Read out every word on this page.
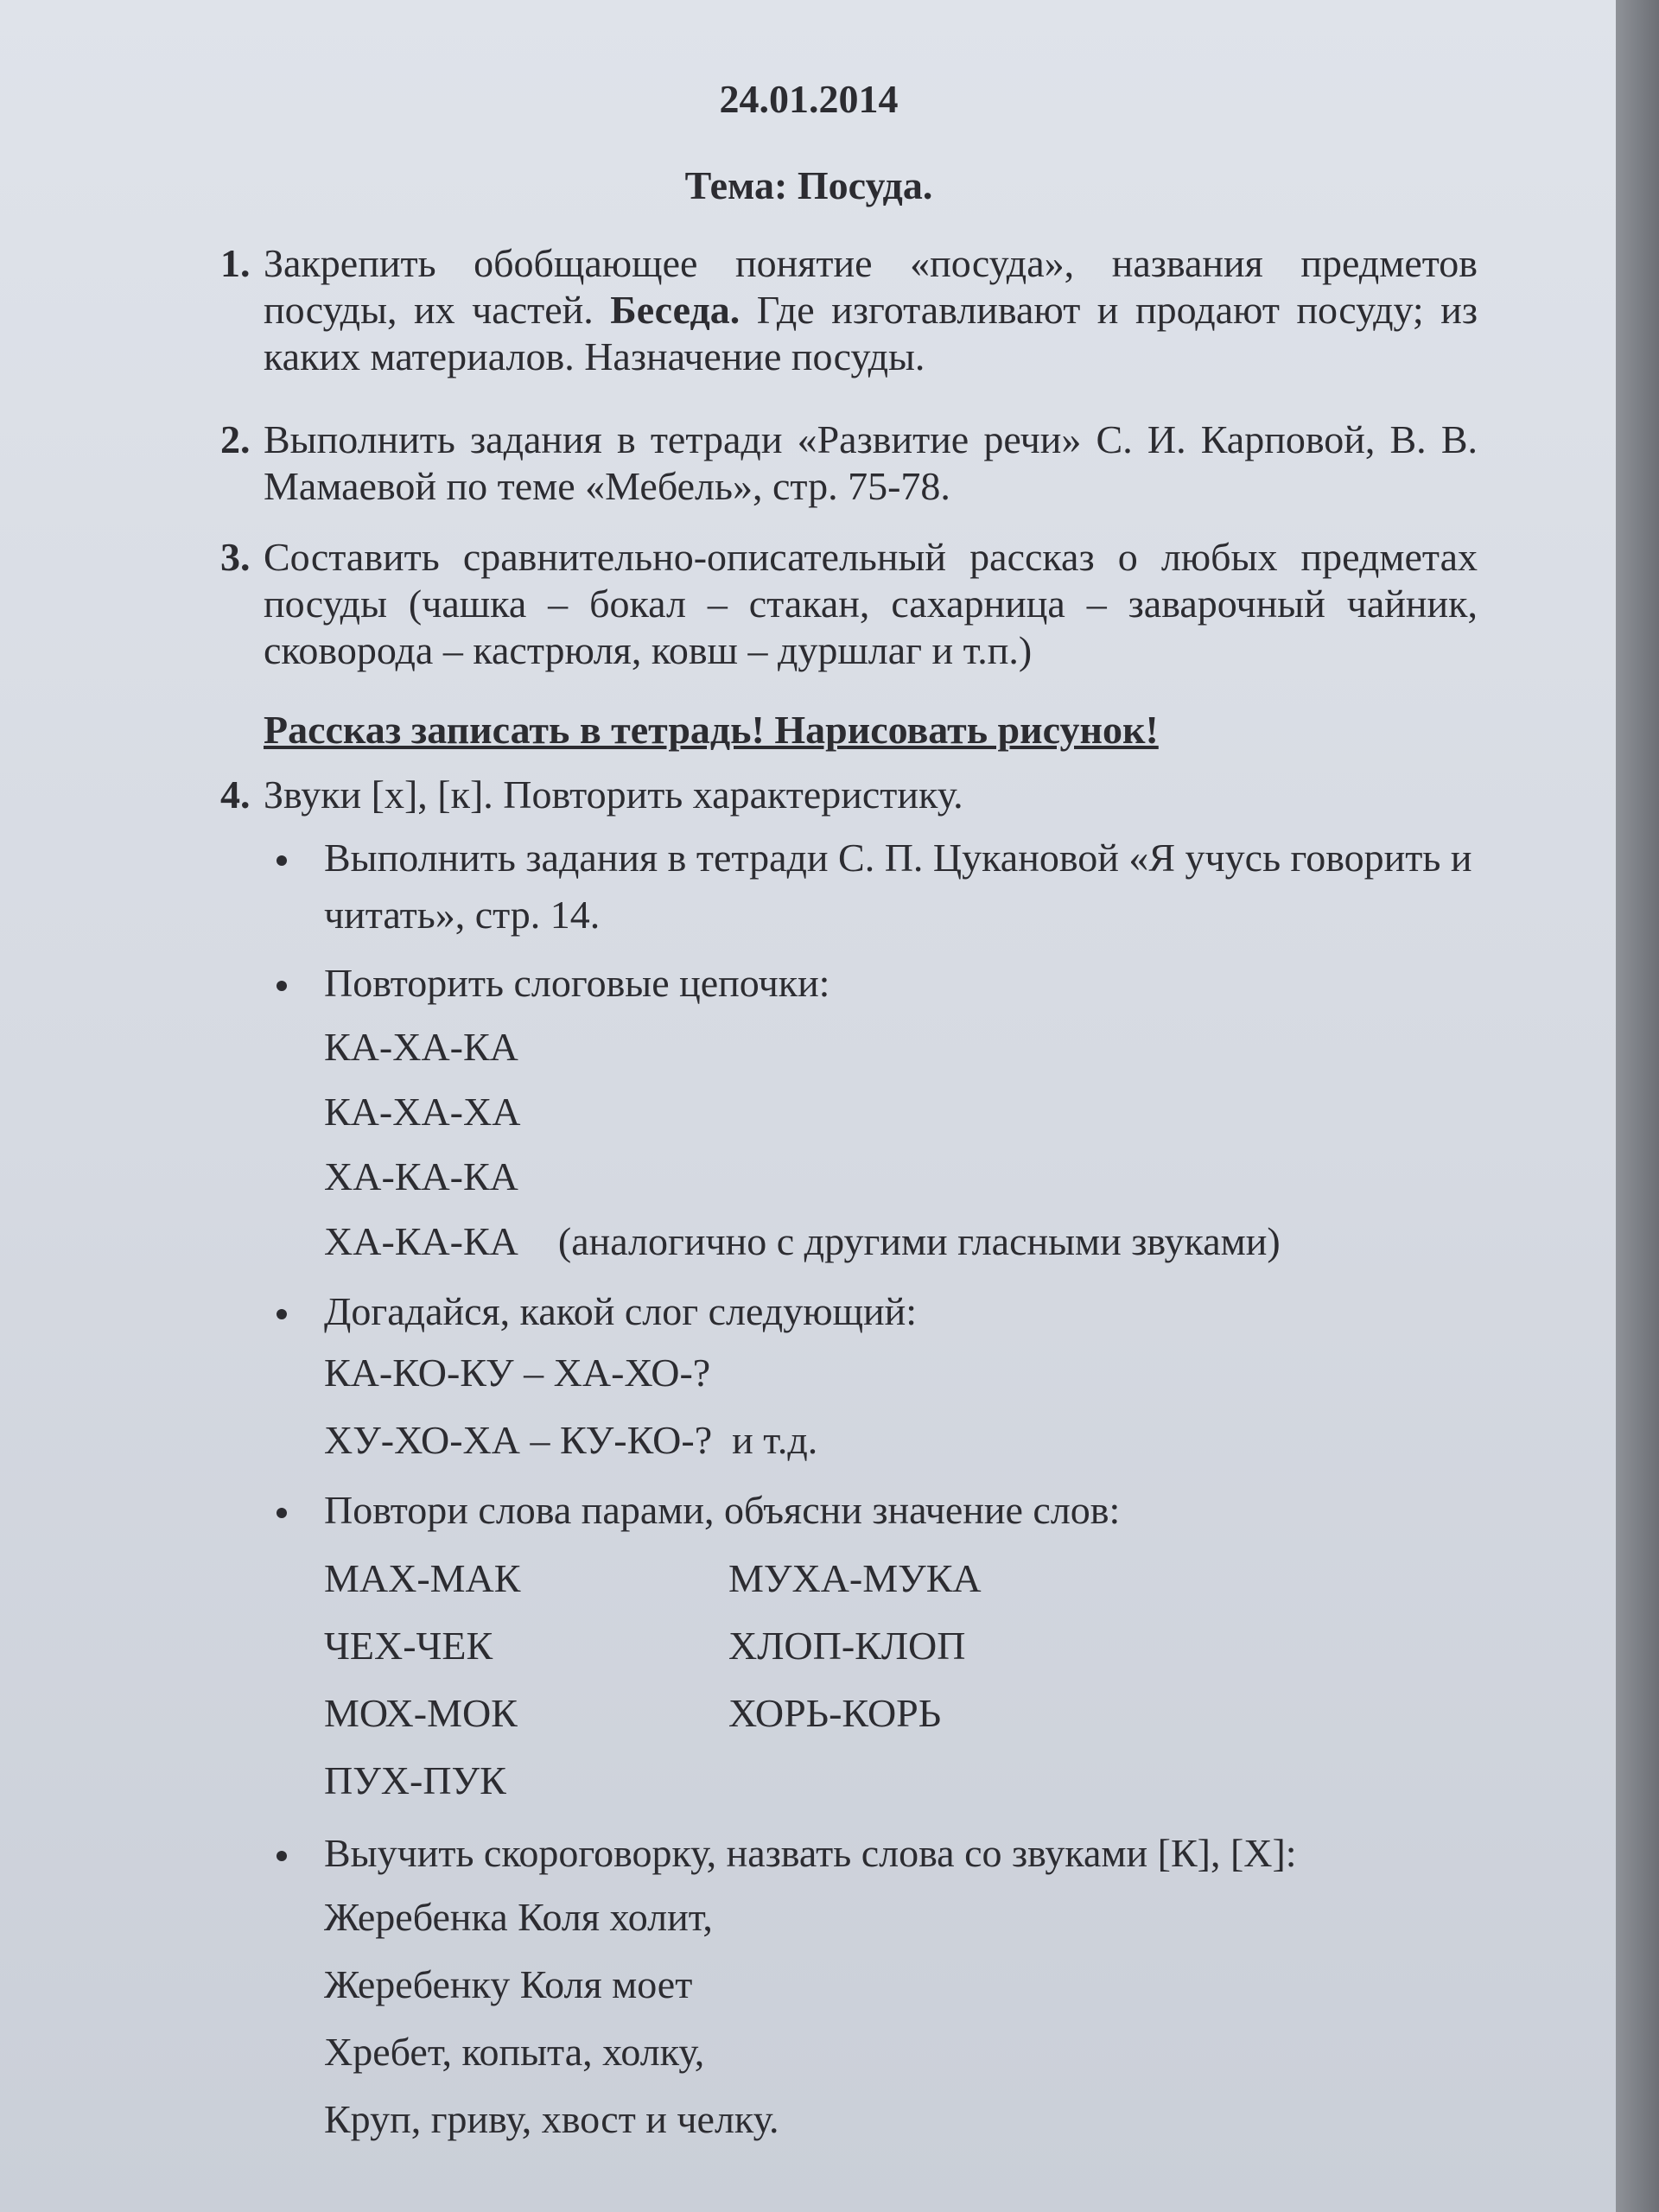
24.01.2014
Тема: Посуда.
1. Закрепить обобщающее понятие «посуда», названия предметов посуды, их частей. Беседа. Где изготавливают и продают посуду; из каких материалов. Назначение посуды.
2. Выполнить задания в тетради «Развитие речи» С. И. Карповой, В. В. Мамаевой по теме «Мебель», стр. 75-78.
3. Составить сравнительно-описательный рассказ о любых предметах посуды (чашка – бокал – стакан, сахарница – заварочный чайник, сковорода – кастрюля, ковш – дуршлаг и т.п.)
Рассказ записать в тетрадь! Нарисовать рисунок!
4. Звуки [х], [к]. Повторить характеристику.
Выполнить задания в тетради С. П. Цукановой «Я учусь говорить и читать», стр. 14.
Повторить слоговые цепочки:
КА-ХА-КА
КА-ХА-ХА
ХА-КА-КА
ХА-КА-КА    (аналогично с другими гласными звуками)
Догадайся, какой слог следующий:
КА-КО-КУ – ХА-ХО-?
ХУ-ХО-ХА – КУ-КО-?  и т.д.
Повтори слова парами, объясни значение слов:
МАХ-МАК
ЧЕХ-ЧЕК
МОХ-МОК
ПУХ-ПУК
МУХА-МУКА
ХЛОП-КЛОП
ХОРЬ-КОРЬ
Выучить скороговорку, назвать слова со звуками [К], [Х]:
Жеребенка Коля холит,
Жеребенку Коля моет
Хребет, копыта, холку,
Круп, гриву, хвост и челку.
